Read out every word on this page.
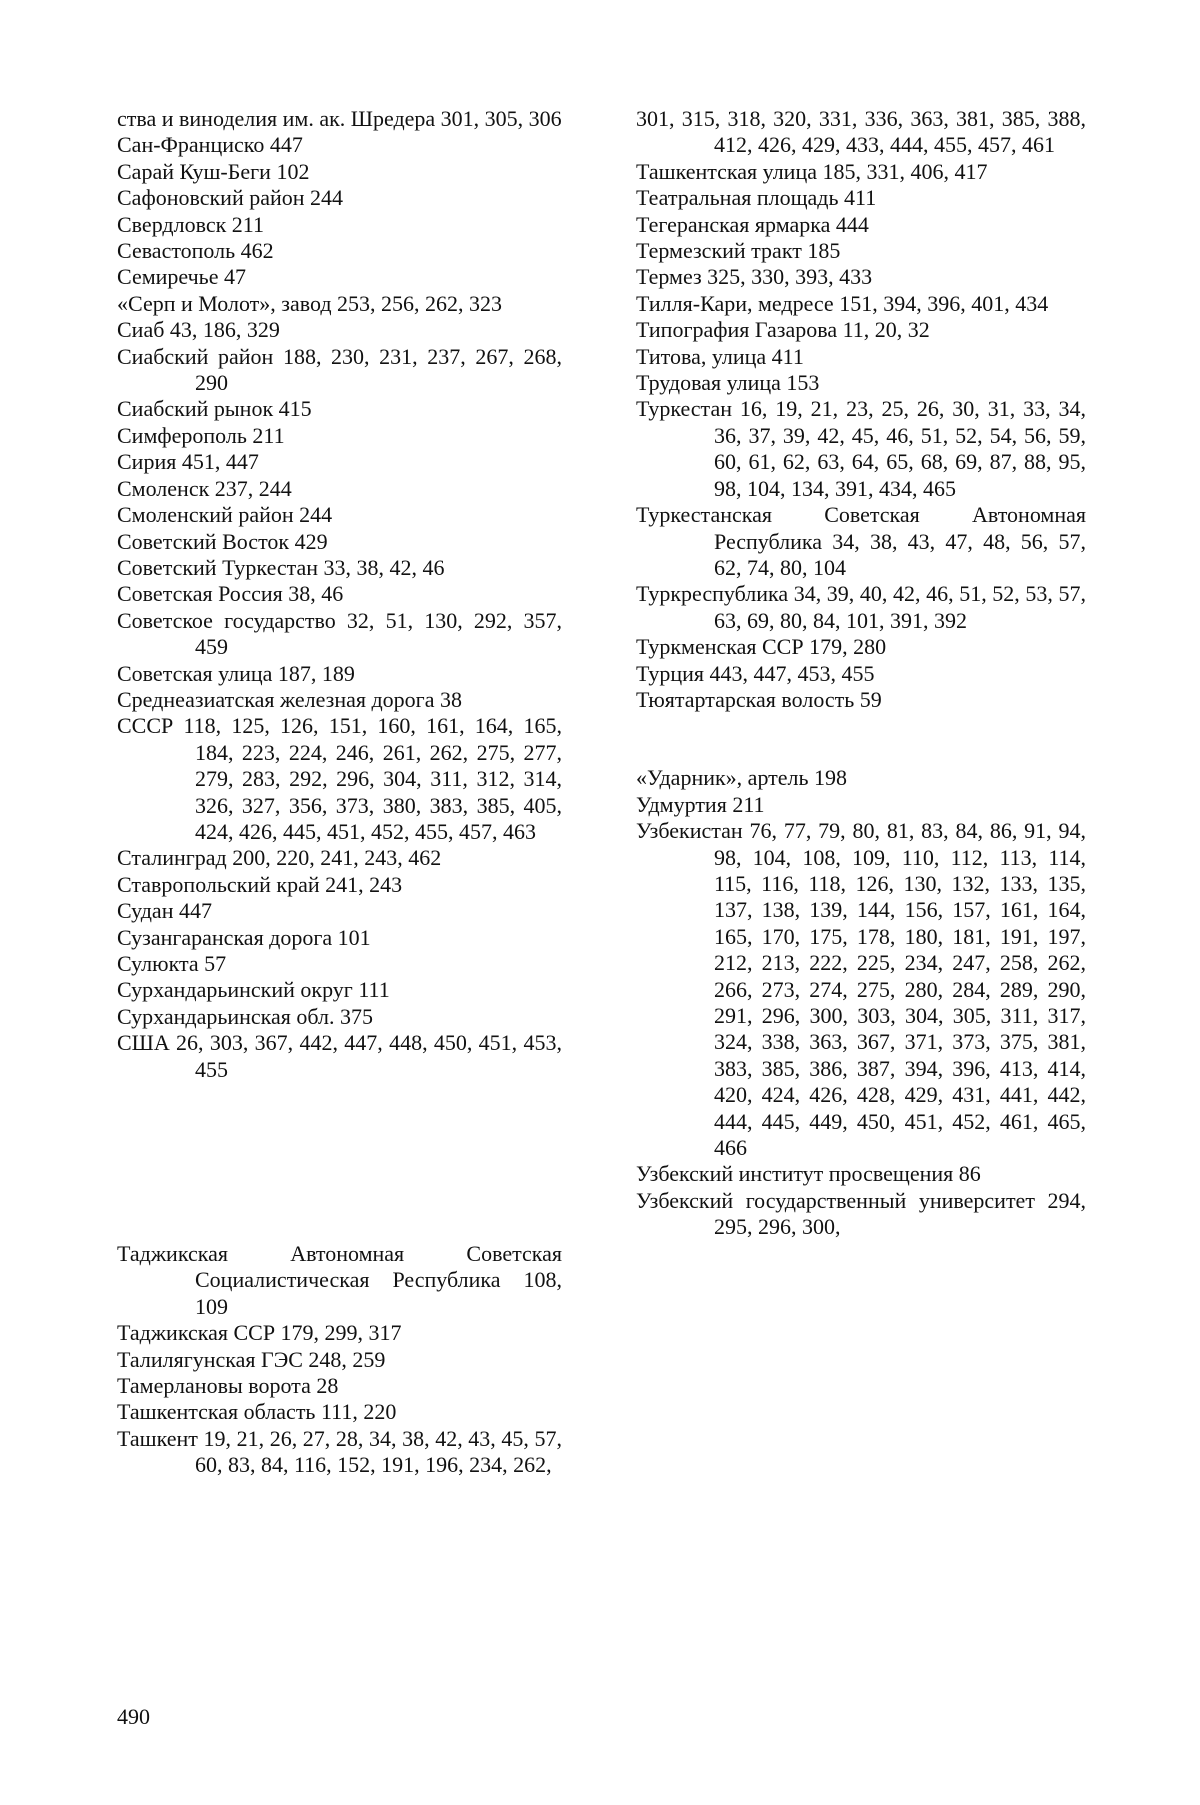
ства и виноделия им. ак. Шредера 301, 305, 306
Сан-Франциско 447
Сарай Куш-Беги 102
Сафоновский район 244
Свердловск 211
Севастополь 462
Семиречье 47
«Серп и Молот», завод 253, 256, 262, 323
Сиаб 43, 186, 329
Сиабский район 188, 230, 231, 237, 267, 268, 290
Сиабский рынок 415
Симферополь 211
Сирия 451, 447
Смоленск 237, 244
Смоленский район 244
Советский Восток 429
Советский Туркестан 33, 38, 42, 46
Советская Россия 38, 46
Советское государство 32, 51, 130, 292, 357, 459
Советская улица 187, 189
Среднеазиатская железная дорога 38
СССР 118, 125, 126, 151, 160, 161, 164, 165, 184, 223, 224, 246, 261, 262, 275, 277, 279, 283, 292, 296, 304, 311, 312, 314, 326, 327, 356, 373, 380, 383, 385, 405, 424, 426, 445, 451, 452, 455, 457, 463
Сталинград 200, 220, 241, 243, 462
Ставропольский край 241, 243
Судан 447
Сузангаранская дорога 101
Сулюкта 57
Сурхандарьинский округ 111
Сурхандарьинская обл. 375
США 26, 303, 367, 442, 447, 448, 450, 451, 453, 455
Таджикская Автономная Советская Социалистическая Республика 108, 109
Таджикская ССР 179, 299, 317
Талилягунская ГЭС 248, 259
Тамерлановы ворота 28
Ташкентская область 111, 220
Ташкент 19, 21, 26, 27, 28, 34, 38, 42, 43, 45, 57, 60, 83, 84, 116, 152, 191, 196, 234, 262,
301, 315, 318, 320, 331, 336, 363, 381, 385, 388, 412, 426, 429, 433, 444, 455, 457, 461
Ташкентская улица 185, 331, 406, 417
Театральная площадь 411
Тегеранская ярмарка 444
Термезский тракт 185
Термез 325, 330, 393, 433
Тилля-Кари, медресе 151, 394, 396, 401, 434
Типография Газарова 11, 20, 32
Титова, улица 411
Трудовая улица 153
Туркестан 16, 19, 21, 23, 25, 26, 30, 31, 33, 34, 36, 37, 39, 42, 45, 46, 51, 52, 54, 56, 59, 60, 61, 62, 63, 64, 65, 68, 69, 87, 88, 95, 98, 104, 134, 391, 434, 465
Туркестанская Советская Автономная Республика 34, 38, 43, 47, 48, 56, 57, 62, 74, 80, 104
Туркреспублика 34, 39, 40, 42, 46, 51, 52, 53, 57, 63, 69, 80, 84, 101, 391, 392
Туркменская ССР 179, 280
Турция 443, 447, 453, 455
Тюятартарская волость 59
«Ударник», артель 198
Удмуртия 211
Узбекистан 76, 77, 79, 80, 81, 83, 84, 86, 91, 94, 98, 104, 108, 109, 110, 112, 113, 114, 115, 116, 118, 126, 130, 132, 133, 135, 137, 138, 139, 144, 156, 157, 161, 164, 165, 170, 175, 178, 180, 181, 191, 197, 212, 213, 222, 225, 234, 247, 258, 262, 266, 273, 274, 275, 280, 284, 289, 290, 291, 296, 300, 303, 304, 305, 311, 317, 324, 338, 363, 367, 371, 373, 375, 381, 383, 385, 386, 387, 394, 396, 413, 414, 420, 424, 426, 428, 429, 431, 441, 442, 444, 445, 449, 450, 451, 452, 461, 465, 466
Узбекский институт просвещения 86
Узбекский государственный университет 294, 295, 296, 300,
490
